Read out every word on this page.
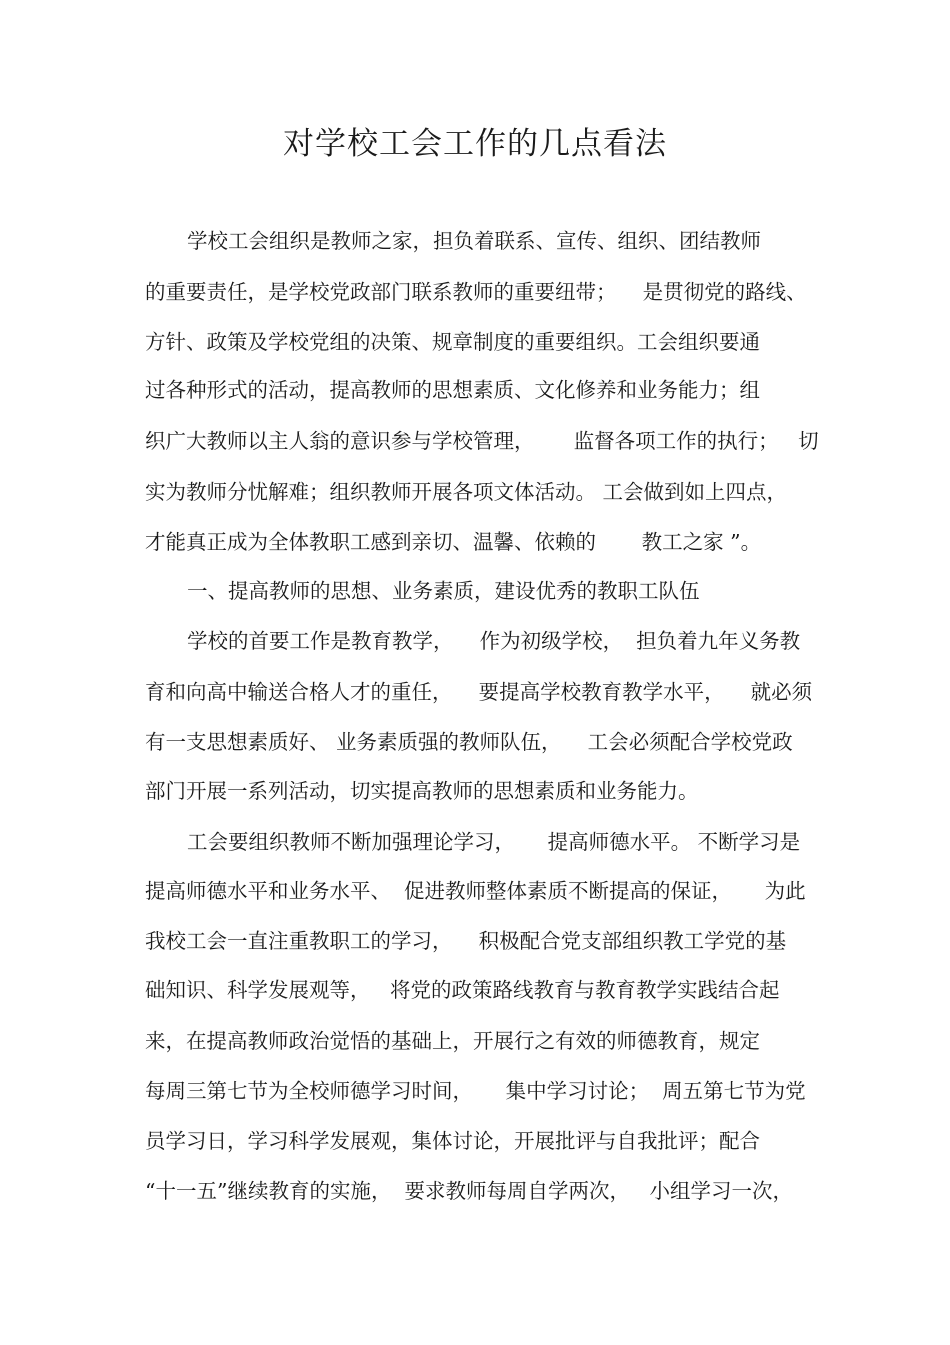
对学校工会工作的几点看法
学校工会组织是教师之家，担负着联系、宣传、组织、团结教师
的重要责任，是学校党政部门联系教师的重要纽带；    是贯彻党的路线、
方针、政策及学校党组的决策、规章制度的重要组织。工会组织要通
过各种形式的活动，提高教师的思想素质、文化修养和业务能力；组
织广大教师以主人翁的意识参与学校管理，      监督各项工作的执行；   切
实为教师分忧解难；组织教师开展各项文体活动。 工会做到如上四点，
才能真正成为全体教职工感到亲切、温馨、依赖的       教工之家 ”。
一、提高教师的思想、业务素质，建设优秀的教职工队伍
学校的首要工作是教育教学，    作为初级学校，  担负着九年义务教
育和向高中输送合格人才的重任，    要提高学校教育教学水平，    就必须
有一支思想素质好、 业务素质强的教师队伍，    工会必须配合学校党政
部门开展一系列活动，切实提高教师的思想素质和业务能力。
工会要组织教师不断加强理论学习，     提高师德水平。 不断学习是
提高师德水平和业务水平、  促进教师整体素质不断提高的保证，     为此
我校工会一直注重教职工的学习，    积极配合党支部组织教工学党的基
础知识、科学发展观等，   将党的政策路线教育与教育教学实践结合起
来，在提高教师政治觉悟的基础上，开展行之有效的师德教育，规定
每周三第七节为全校师德学习时间，     集中学习讨论；  周五第七节为党
员学习日，学习科学发展观，集体讨论，开展批评与自我批评；配合
“十一五”继续教育的实施，  要求教师每周自学两次，   小组学习一次，
